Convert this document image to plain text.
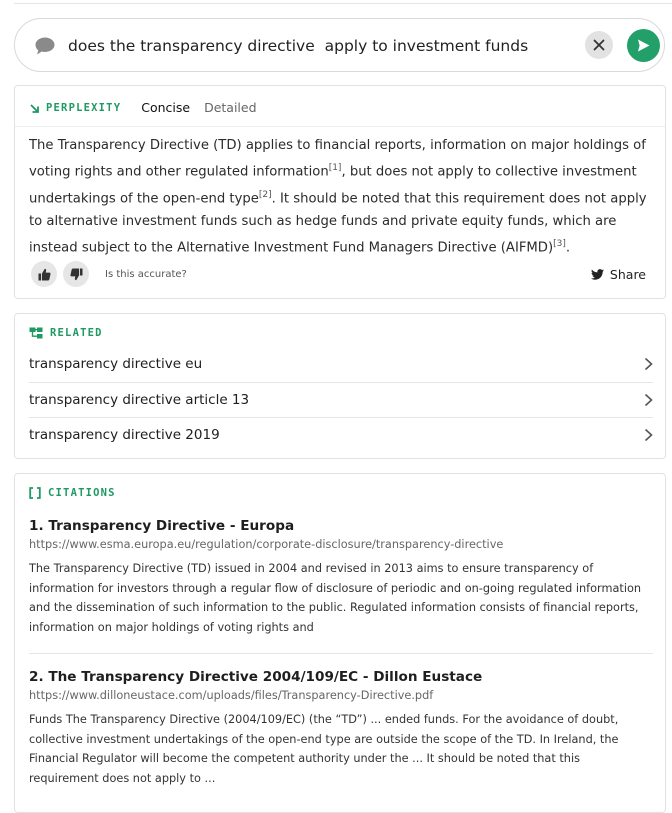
does the transparency directive apply to investment funds
PERPLEXITY Concise Detailed

The Transparency Directive (TD) applies to financial reports, information on major holdings of voting rights and other regulated information[1], but does not apply to collective investment undertakings of the open-end type[2]. It should be noted that this requirement does not apply to alternative investment funds such as hedge funds and private equity funds, which are instead subject to the Alternative Investment Fund Managers Directive (AIFMD)[3].

Is this accurate?	Share
RELATED
transparency directive eu
transparency directive article 13
transparency directive 2019
CITATIONS

1. Transparency Directive - Europa

https://www.esma.europa.eu/regulation/corporate-disclosure/transparency-directive

The Transparency Directive (TD) issued in 2004 and revised in 2013 aims to ensure transparency of information for investors through a regular flow of disclosure of periodic and on-going regulated information and the dissemination of such information to the public. Regulated information consists of financial reports, information on major holdings of voting rights and

2. The Transparency Directive 2004/109/EC - Dillon Eustace

https://www.dilloneustace.com/uploads/files/Transparency-Directive.pdf

Funds The Transparency Directive (2004/109/EC) (the “TD”) ... ended funds. For the avoidance of doubt, collective investment undertakings of the open-end type are outside the scope of the TD. In Ireland, the Financial Regulator will become the competent authority under the ... It should be noted that this requirement does not apply to ...
